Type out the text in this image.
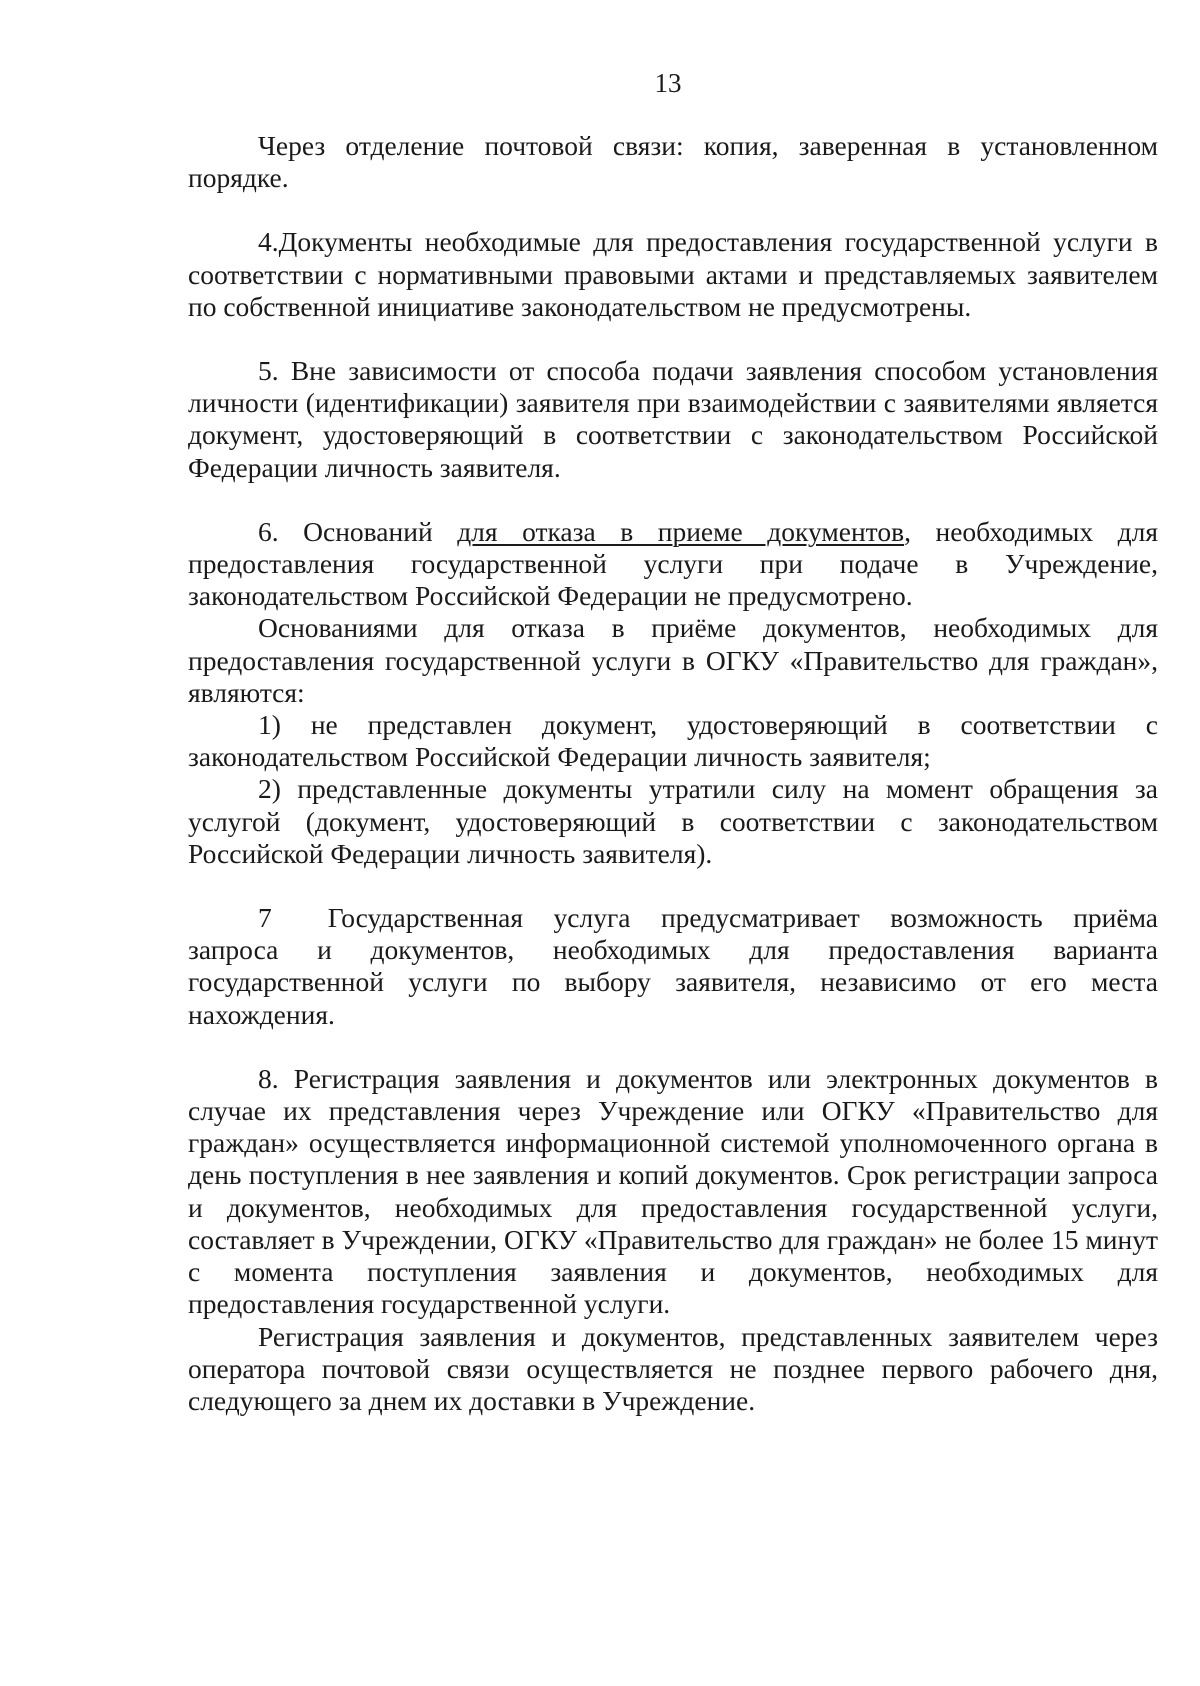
13

Через отделение почтовой связи: копия, заверенная в установленном порядке.

4.Документы необходимые для предоставления государственной услуги в соответствии с нормативными правовыми актами и представляемых заявителем по собственной инициативе законодательством не предусмотрены.

5. Вне зависимости от способа подачи заявления способом установления личности (идентификации) заявителя при взаимодействии с заявителями является документ, удостоверяющий в соответствии с законодательством Российской Федерации личность заявителя.

6. Оснований для отказа в приеме документов, необходимых для предоставления государственной услуги при подаче в Учреждение, законодательством Российской Федерации не предусмотрено.

Основаниями для отказа в приёме документов, необходимых для предоставления государственной услуги в ОГКУ «Правительство для граждан», являются:

1) не представлен документ, удостоверяющий в соответствии с законодательством Российской Федерации личность заявителя;

2) представленные документы утратили силу на момент обращения за услугой (документ, удостоверяющий в соответствии с законодательством Российской Федерации личность заявителя).

7 Государственная услуга предусматривает возможность приёма запроса и документов, необходимых для предоставления варианта государственной услуги по выбору заявителя, независимо от его места нахождения.

8. Регистрация заявления и документов или электронных документов в случае их представления через Учреждение или ОГКУ «Правительство для граждан» осуществляется информационной системой уполномоченного органа в день поступления в нее заявления и копий документов. Срок регистрации запроса и документов, необходимых для предоставления государственной услуги, составляет в Учреждении, ОГКУ «Правительство для граждан» не более 15 минут с момента поступления заявления и документов, необходимых для предоставления государственной услуги.

Регистрация заявления и документов, представленных заявителем через оператора почтовой связи осуществляется не позднее первого рабочего дня, следующего за днем их доставки в Учреждение.
